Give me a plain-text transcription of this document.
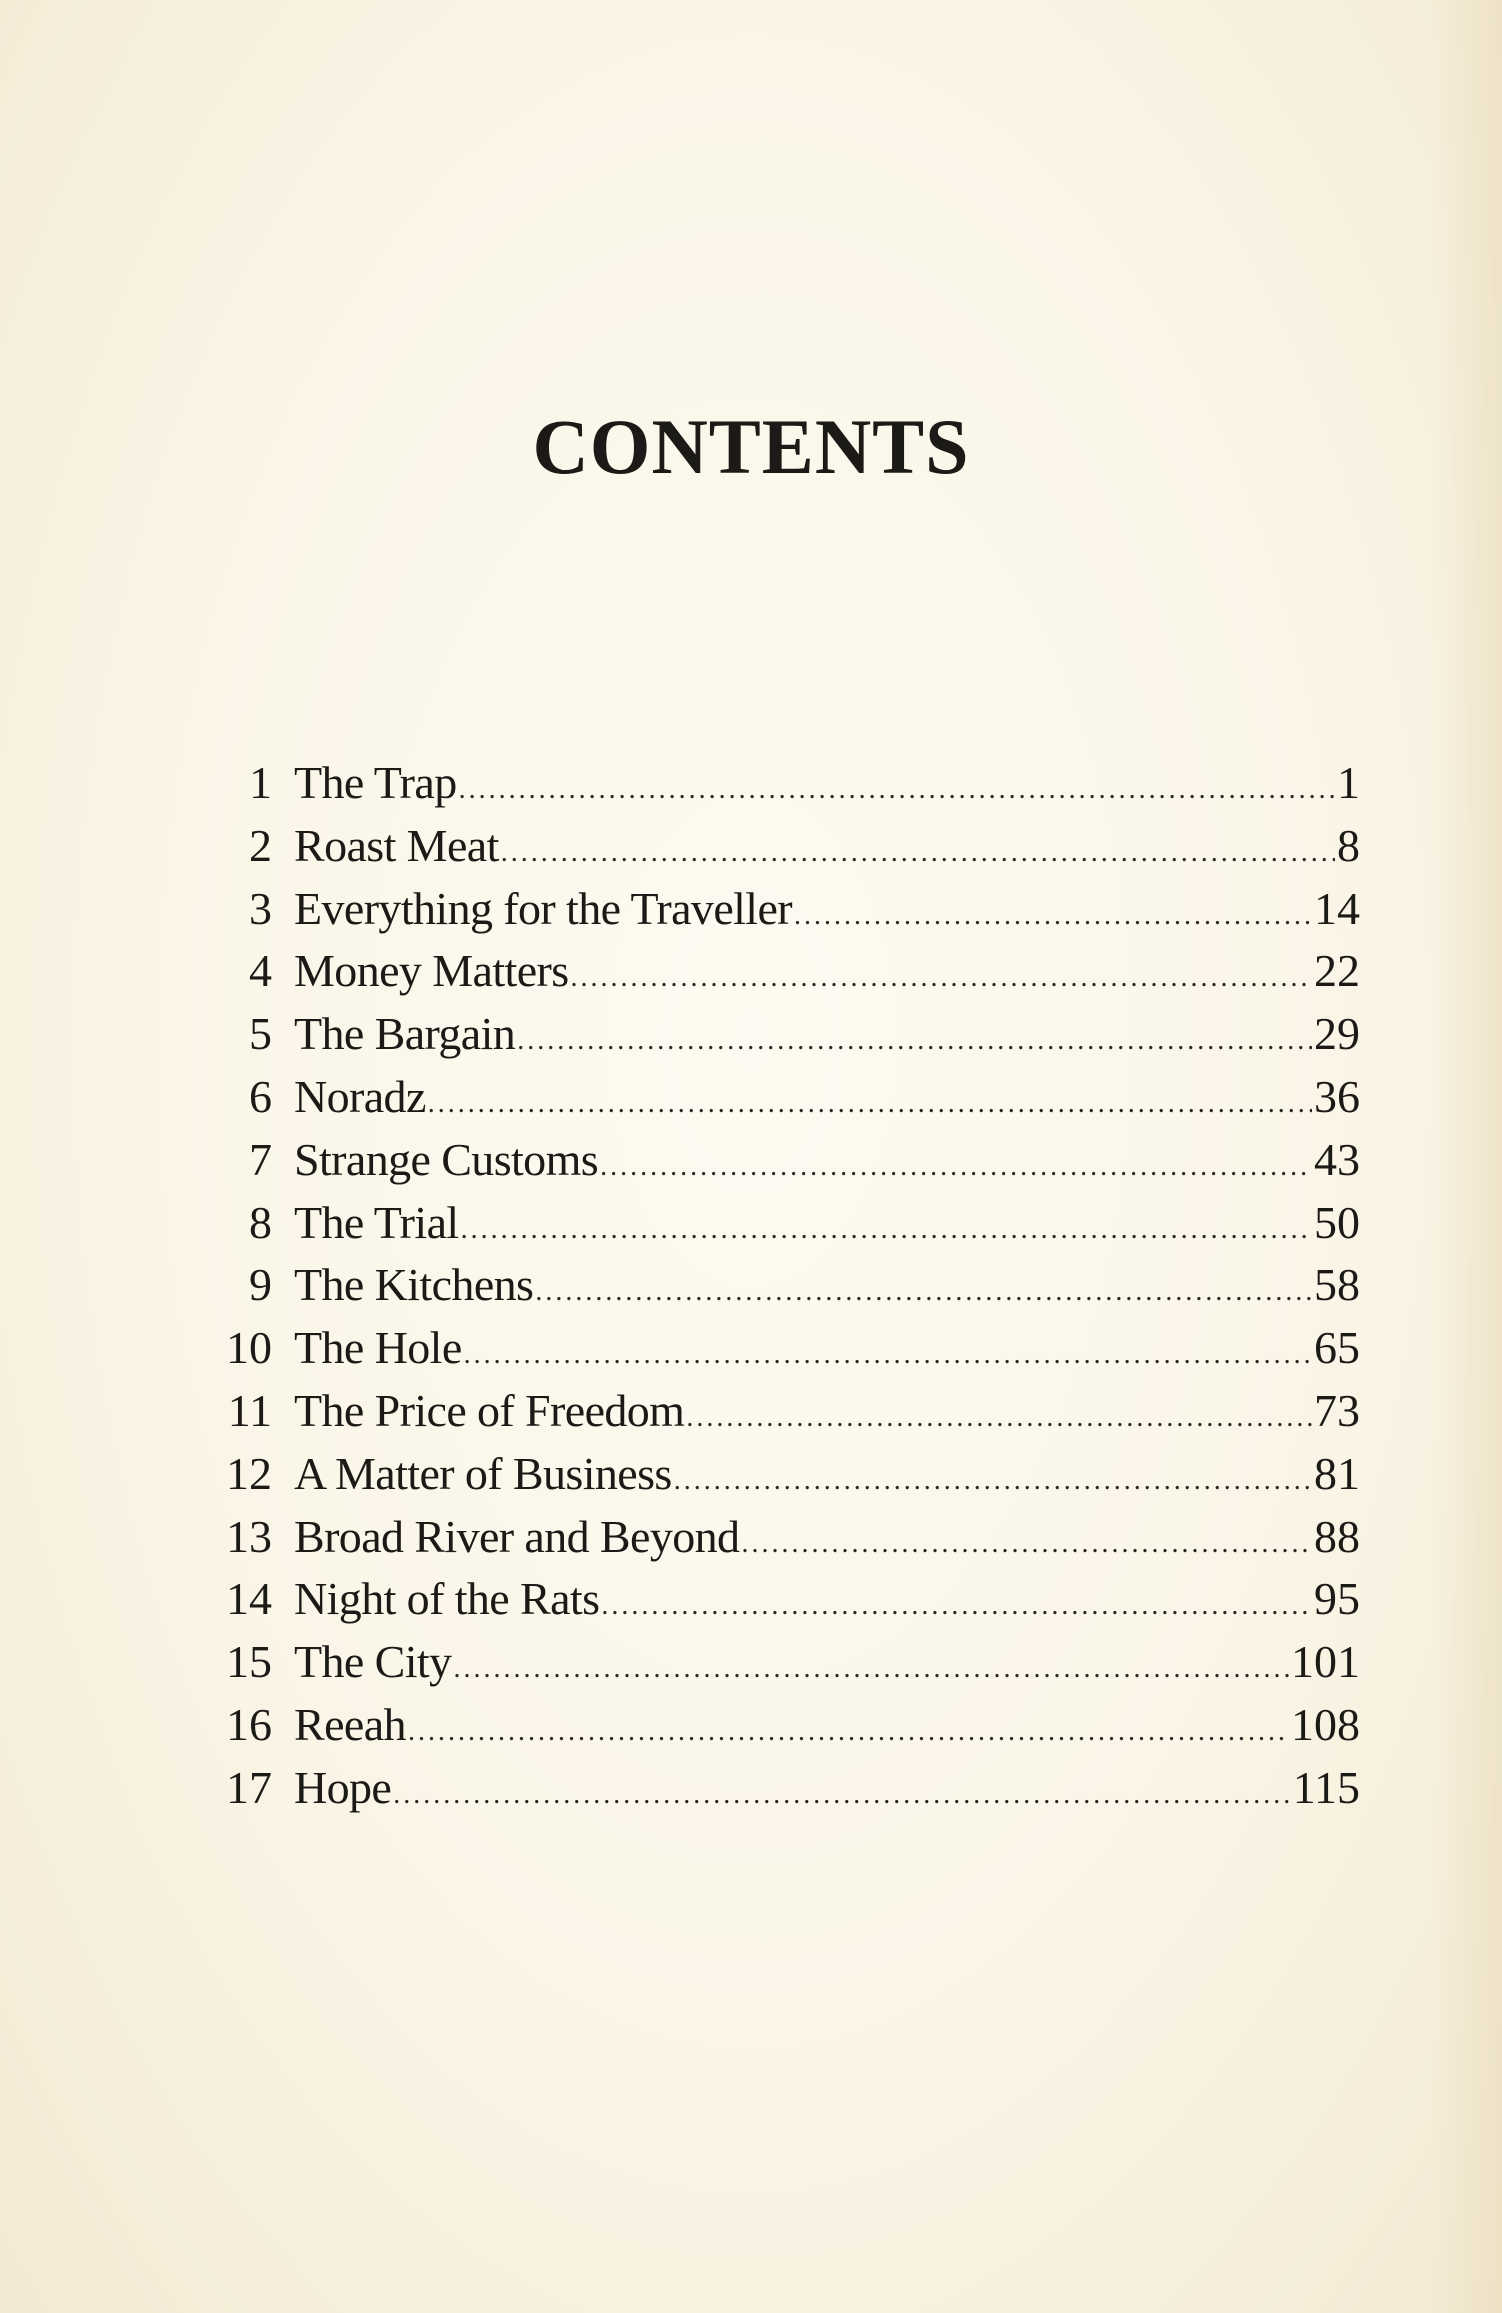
CONTENTS
1 The Trap .....	1
2 Roast Meat .....	8
3 Everything for the Traveller .....	14
4 Money Matters .....	22
5 The Bargain .....	29
6 Noradz .....	36
7 Strange Customs .....	43
8 The Trial .....	50
9 The Kitchens .....	58
10 The Hole .....	65
11 The Price of Freedom .....	73
12 A Matter of Business .....	81
13 Broad River and Beyond .....	88
14 Night of the Rats .....	95
15 The City .....	101
16 Reeah .....	108
17 Hope .....	115
